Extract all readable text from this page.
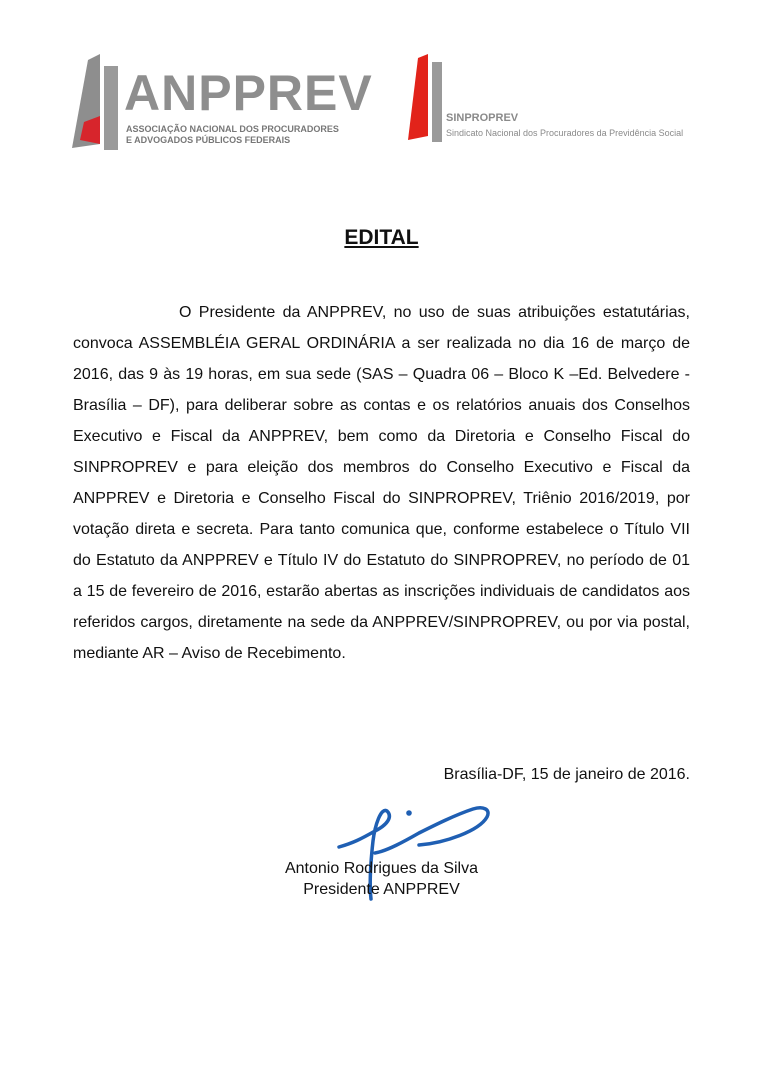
ANPPREV
ASSOCIAÇÃO NACIONAL DOS PROCURADORES
E ADVOGADOS PÚBLICOS FEDERAIS
SINPROPREV
Sindicato Nacional dos Procuradores da Previdência Social
EDITAL

O Presidente da ANPPREV, no uso de suas atribuições estatutárias, convoca ASSEMBLÉIA GERAL ORDINÁRIA a ser realizada no dia 16 de março de 2016, das 9 às 19 horas, em sua sede (SAS – Quadra 06 – Bloco K –Ed. Belvedere - Brasília – DF), para deliberar sobre as contas e os relatórios anuais dos Conselhos Executivo e Fiscal da ANPPREV, bem como da Diretoria e Conselho Fiscal do SINPROPREV e para eleição dos membros do Conselho Executivo e Fiscal da ANPPREV e Diretoria e Conselho Fiscal do SINPROPREV, Triênio 2016/2019, por votação direta e secreta. Para tanto comunica que, conforme estabelece o Título VII do Estatuto da ANPPREV e Título IV do Estatuto do SINPROPREV, no período de 01 a 15 de fevereiro de 2016, estarão abertas as inscrições individuais de candidatos aos referidos cargos, diretamente na sede da ANPPREV/SINPROPREV, ou por via postal, mediante AR – Aviso de Recebimento.

Brasília-DF, 15 de janeiro de 2016.
Antonio Rodrigues da Silva
Presidente ANPPREV
